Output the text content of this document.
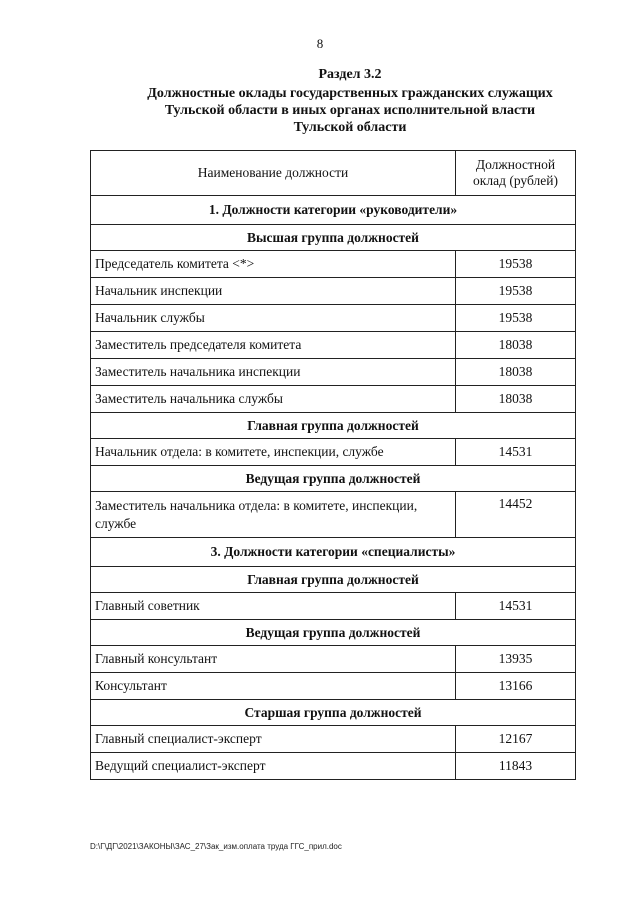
8
Раздел 3.2
Должностные оклады государственных гражданских служащих
Тульской области в иных органах исполнительной власти
Тульской области
Наименование должности	Должностной
оклад (рублей)

1. Должности категории «руководители»	
Высшая группа должностей	
Председатель комитета <*>	19538
Начальник инспекции	19538
Начальник службы	19538
Заместитель председателя комитета	18038
Заместитель начальника инспекции	18038
Заместитель начальника службы	18038
Главная группа должностей	
Начальник отдела: в комитете, инспекции, службе	14531
Ведущая группа должностей	
Заместитель начальника отдела: в комитете, инспекции, службе	14452
3. Должности категории «специалисты»	
Главная группа должностей	
Главный советник	14531
Ведущая группа должностей	
Главный консультант	13935
Консультант	13166
Старшая группа должностей	
Главный специалист-эксперт	12167
Ведущий специалист-эксперт	11843
D:\Г\ДГ\2021\ЗАКОНЫ\ЗАС_27\Зак_изм.оплата труда ГГС_прил.doc
